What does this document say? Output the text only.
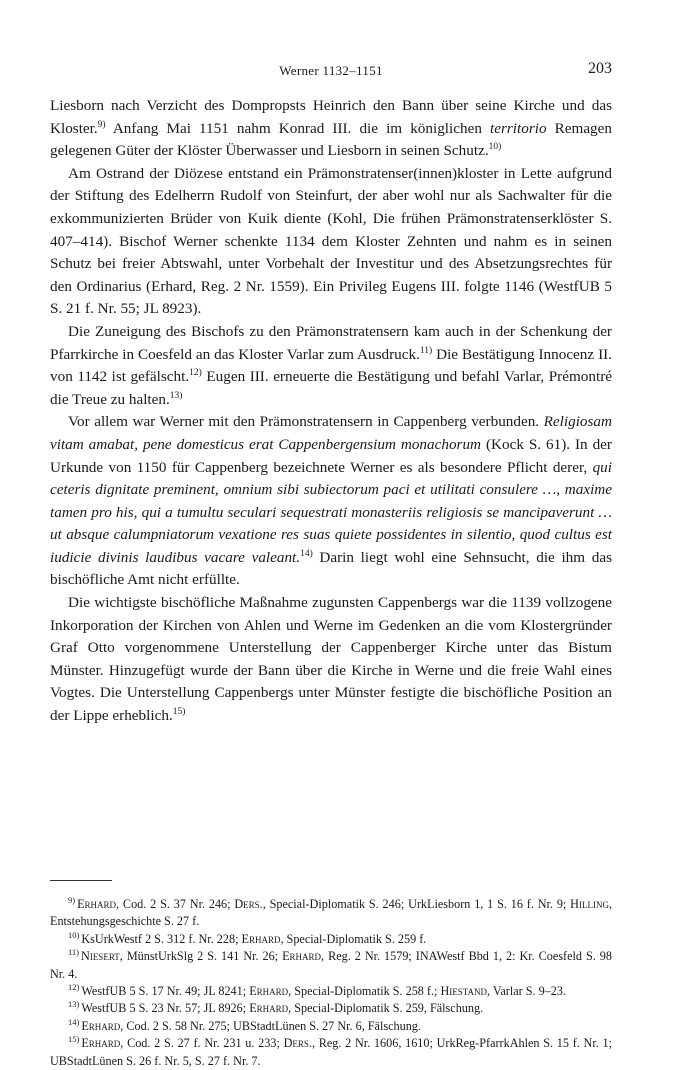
Werner 1132–1151	203

Liesborn nach Verzicht des Dompropsts Heinrich den Bann über seine Kirche und das Kloster.$^{9)}$ Anfang Mai 1151 nahm Konrad III. die im königlichen territorio Remagen gelegenen Güter der Klöster Überwasser und Liesborn in seinen Schutz.$^{10)}$

Am Ostrand der Diözese entstand ein Prämonstratenser(innen)kloster in Lette aufgrund der Stiftung des Edelherrn Rudolf von Steinfurt, der aber wohl nur als Sachwalter für die exkommunizierten Brüder von Kuik diente (Kohl, Die frühen Prämonstratenserklöster S. 407–414). Bischof Werner schenkte 1134 dem Kloster Zehnten und nahm es in seinen Schutz bei freier Abtswahl, unter Vorbehalt der Investitur und des Absetzungsrechtes für den Ordinarius (Erhard, Reg. 2 Nr. 1559). Ein Privileg Eugens III. folgte 1146 (WestfUB 5 S. 21 f. Nr. 55; JL 8923).

Die Zuneigung des Bischofs zu den Prämonstratensern kam auch in der Schenkung der Pfarrkirche in Coesfeld an das Kloster Varlar zum Ausdruck.$^{11)}$ Die Bestätigung Innocenz II. von 1142 ist gefälscht.$^{12)}$ Eugen III. erneuerte die Bestätigung und befahl Varlar, Prémontré die Treue zu halten.$^{13)}$

Vor allem war Werner mit den Prämonstratensern in Cappenberg verbunden. Religiosam vitam amabat, pene domesticus erat Cappenbergensium monachorum (Kock S. 61). In der Urkunde von 1150 für Cappenberg bezeichnete Werner es als besondere Pflicht derer, qui ceteris dignitate preminent, omnium sibi subiectorum paci et utilitati consulere …, maxime tamen pro his, qui a tumultu seculari sequestrati monasteriis religiosis se mancipaverunt … ut absque calumpniatorum vexatione res suas quiete possidentes in silentio, quod cultus est iudicie divinis laudibus vacare valeant.$^{14)}$ Darin liegt wohl eine Sehnsucht, die ihm das bischöfliche Amt nicht erfüllte.

Die wichtigste bischöfliche Maßnahme zugunsten Cappenbergs war die 1139 vollzogene Inkorporation der Kirchen von Ahlen und Werne im Gedenken an die vom Klostergründer Graf Otto vorgenommene Unterstellung der Cappenberger Kirche unter das Bistum Münster. Hinzugefügt wurde der Bann über die Kirche in Werne und die freie Wahl eines Vogtes. Die Unterstellung Cappenbergs unter Münster festigte die bischöfliche Position an der Lippe erheblich.$^{15)}$

$^{9)}$ Erhard, Cod. 2 S. 37 Nr. 246; Ders., Special-Diplomatik S. 246; UrkLiesborn 1, 1 S. 16 f. Nr. 9; Hilling, Entstehungsgeschichte S. 27 f.

$^{10)}$ KsUrkWestf 2 S. 312 f. Nr. 228; Erhard, Special-Diplomatik S. 259 f.

$^{11)}$ Niesert, MünstUrkSlg 2 S. 141 Nr. 26; Erhard, Reg. 2 Nr. 1579; INAWestf Bbd 1, 2: Kr. Coesfeld S. 98 Nr. 4.

$^{12)}$ WestfUB 5 S. 17 Nr. 49; JL 8241; Erhard, Special-Diplomatik S. 258 f.; Hiestand, Varlar S. 9–23.

$^{13)}$ WestfUB 5 S. 23 Nr. 57; JL 8926; Erhard, Special-Diplomatik S. 259, Fälschung.

$^{14)}$ Erhard, Cod. 2 S. 58 Nr. 275; UBStadtLünen S. 27 Nr. 6, Fälschung.

$^{15)}$ Erhard, Cod. 2 S. 27 f. Nr. 231 u. 233; Ders., Reg. 2 Nr. 1606, 1610; UrkReg-PfarrkAhlen S. 15 f. Nr. 1; UBStadtLünen S. 26 f. Nr. 5, S. 27 f. Nr. 7.
